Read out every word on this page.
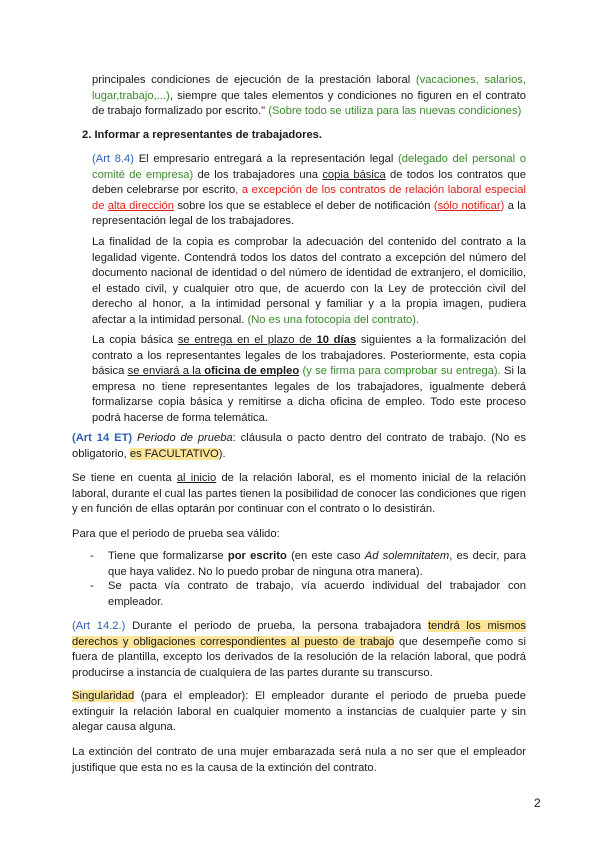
principales condiciones de ejecución de la prestación laboral (vacaciones, salarios, lugar,trabajo,...), siempre que tales elementos y condiciones no figuren en el contrato de trabajo formalizado por escrito." (Sobre todo se utiliza para las nuevas condiciones)

2. Informar a representantes de trabajadores.

(Art 8.4) El empresario entregará a la representación legal (delegado del personal o comité de empresa) de los trabajadores una copia básica de todos los contratos que deben celebrarse por escrito, a excepción de los contratos de relación laboral especial de alta dirección sobre los que se establece el deber de notificación (sólo notificar) a la representación legal de los trabajadores.

La finalidad de la copia es comprobar la adecuación del contenido del contrato a la legalidad vigente. Contendrá todos los datos del contrato a excepción del número del documento nacional de identidad o del número de identidad de extranjero, el domicilio, el estado civil, y cualquier otro que, de acuerdo con la Ley de protección civil del derecho al honor, a la intimidad personal y familiar y a la propia imagen, pudiera afectar a la intimidad personal. (No es una fotocopia del contrato).

La copia básica se entrega en el plazo de 10 días siguientes a la formalización del contrato a los representantes legales de los trabajadores. Posteriormente, esta copia básica se enviará a la oficina de empleo (y se firma para comprobar su entrega). Si la empresa no tiene representantes legales de los trabajadores, igualmente deberá formalizarse copia básica y remitirse a dicha oficina de empleo. Todo este proceso podrá hacerse de forma telemática.

(Art 14 ET) Periodo de prueba: cláusula o pacto dentro del contrato de trabajo. (No es obligatorio, es FACULTATIVO).

Se tiene en cuenta al inicio de la relación laboral, es el momento inicial de la relación laboral, durante el cual las partes tienen la posibilidad de conocer las condiciones que rigen y en función de ellas optarán por continuar con el contrato o lo desistirán.

Para que el periodo de prueba sea válido:

- Tiene que formalizarse por escrito (en este caso Ad solemnitatem, es decir, para que haya validez. No lo puedo probar de ninguna otra manera).

- Se pacta vía contrato de trabajo, vía acuerdo individual del trabajador con empleador.

(Art 14.2.) Durante el periodo de prueba, la persona trabajadora tendrá los mismos derechos y obligaciones correspondientes al puesto de trabajo que desempeñe como si fuera de plantilla, excepto los derivados de la resolución de la relación laboral, que podrá producirse a instancia de cualquiera de las partes durante su transcurso.

Singularidad (para el empleador): El empleador durante el periodo de prueba puede extinguir la relación laboral en cualquier momento a instancias de cualquier parte y sin alegar causa alguna.

La extinción del contrato de una mujer embarazada será nula a no ser que el empleador justifique que esta no es la causa de la extinción del contrato.

2
